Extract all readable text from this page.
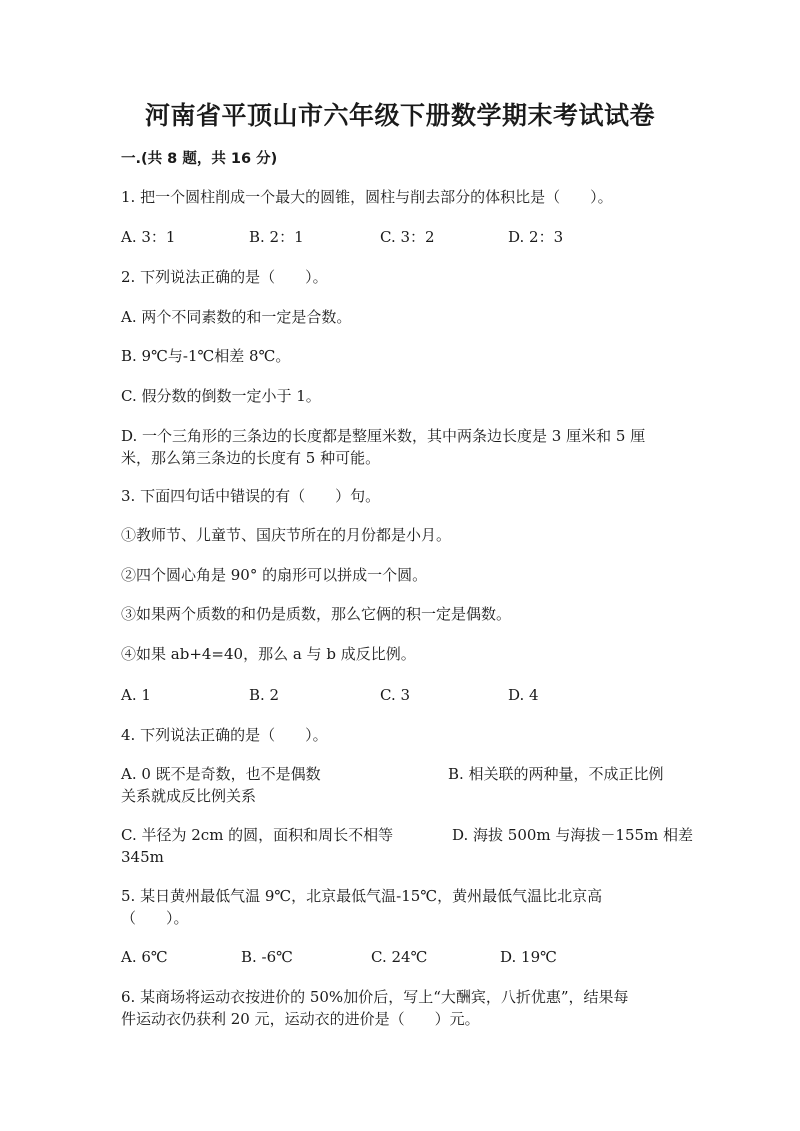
河南省平顶山市六年级下册数学期末考试试卷
一.(共 8 题，共 16 分)
1. 把一个圆柱削成一个最大的圆锥，圆柱与削去部分的体积比是（　　）。
A. 3：1	B. 2：1	C. 3：2	D. 2：3
2. 下列说法正确的是（　　）。
A. 两个不同素数的和一定是合数。
B. 9℃与-1℃相差 8℃。
C. 假分数的倒数一定小于 1。
D. 一个三角形的三条边的长度都是整厘米数，其中两条边长度是 3 厘米和 5 厘
米，那么第三条边的长度有 5 种可能。
3. 下面四句话中错误的有（　　）句。
①教师节、儿童节、国庆节所在的月份都是小月。
②四个圆心角是 90° 的扇形可以拼成一个圆。
③如果两个质数的和仍是质数，那么它俩的积一定是偶数。
④如果 ab+4=40，那么 a 与 b 成反比例。
A. 1	B. 2	C. 3	D. 4
4. 下列说法正确的是（　　）。
A. 0 既不是奇数，也不是偶数	B. 相关联的两种量，不成正比例
关系就成反比例关系
C. 半径为 2cm 的圆，面积和周长不相等	D. 海拔 500m 与海拔－155m 相差
345m
5. 某日黄州最低气温 9℃，北京最低气温-15℃，黄州最低气温比北京高
（　　）。
A. 6℃	B. -6℃	C. 24℃	D. 19℃
6. 某商场将运动衣按进价的 50%加价后，写上“大酬宾，八折优惠”，结果每
件运动衣仍获利 20 元，运动衣的进价是（　　）元。
